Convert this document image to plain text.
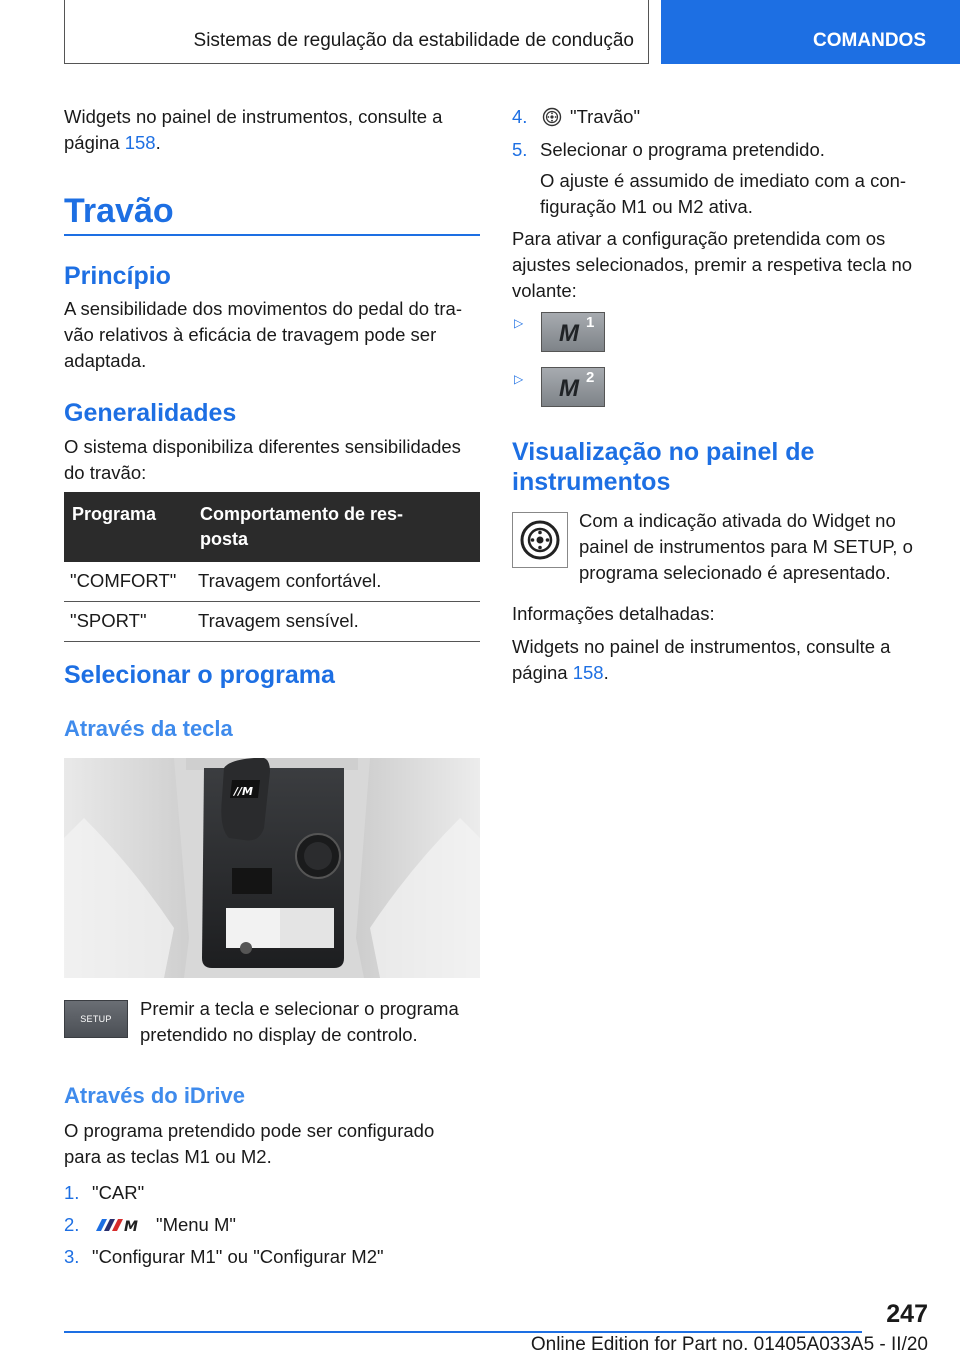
Sistemas de regulação da estabilidade de condução	COMANDOS
Widgets no painel de instrumentos, consulte a
página 158.
Travão
Princípio
A sensibilidade dos movimentos do pedal do tra-
vão relativos à eficácia de travagem pode ser
adaptada.
Generalidades
O sistema disponibiliza diferentes sensibilidades
do travão:
Programa	Comportamento de res-
posta

"COMFORT"	Travagem confortável.
"SPORT"	Travagem sensível.
Selecionar o programa
Através da tecla
//M
SETUP	Premir a tecla e selecionar o programa
pretendido no display de controlo.
Através do iDrive
O programa pretendido pode ser configurado
para as teclas M1 ou M2.
1. "CAR"
2.	M "Menu M"
3. "Configurar M1" ou "Configurar M2"
4. "Travão"
5. Selecionar o programa pretendido.
O ajuste é assumido de imediato com a con-
figuração M1 ou M2 ativa.
Para ativar a configuração pretendida com os
ajustes selecionados, premir a respetiva tecla no
volante:
▷ M 1
▷ M 2
Visualização no painel de
instrumentos
Com a indicação ativada do Widget no
painel de instrumentos para M SETUP, o
programa selecionado é apresentado.
Informações detalhadas:
Widgets no painel de instrumentos, consulte a
página 158.
247
Online Edition for Part no. 01405A033A5 - II/20
